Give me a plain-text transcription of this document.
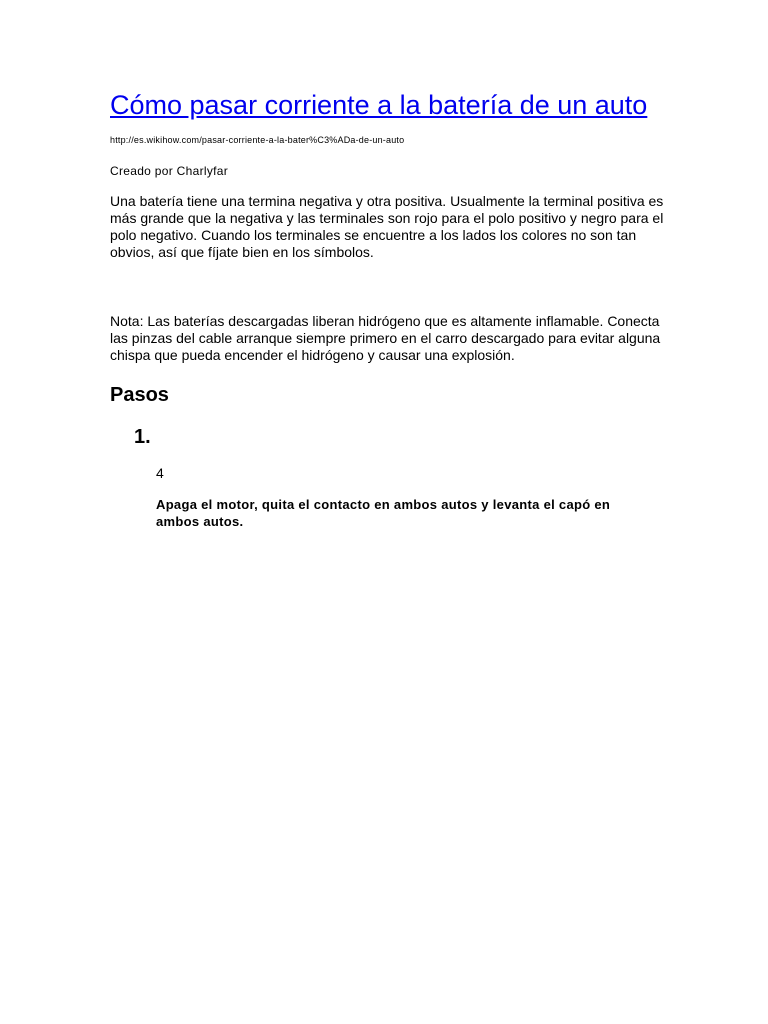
Cómo pasar corriente a la batería de un auto
http://es.wikihow.com/pasar-corriente-a-la-bater%C3%ADa-de-un-auto
Creado por Charlyfar
Una batería tiene una termina negativa y otra positiva. Usualmente la terminal positiva es más grande que la negativa y las terminales son rojo para el polo positivo y negro para el polo negativo. Cuando los terminales se encuentre a los lados los colores no son tan obvios, así que fíjate bien en los símbolos.
Nota: Las baterías descargadas liberan hidrógeno que es altamente inflamable. Conecta las pinzas del cable arranque siempre primero en el carro descargado para evitar alguna chispa que pueda encender el hidrógeno y causar una explosión.
Pasos
1.
4
Apaga el motor, quita el contacto en ambos autos y levanta el capó en ambos autos.
